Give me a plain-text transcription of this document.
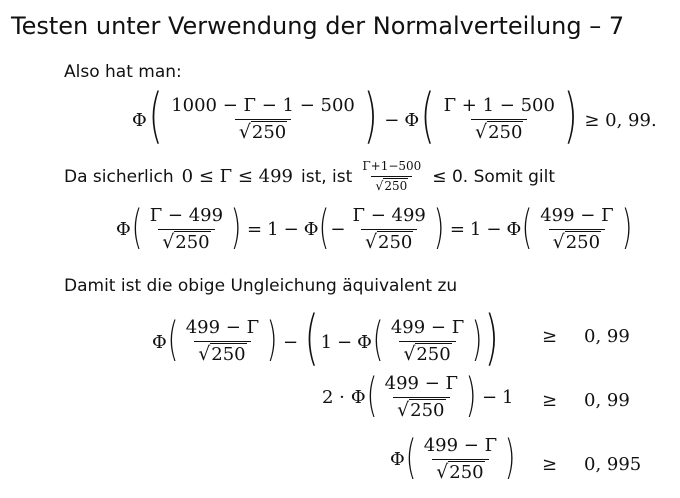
Testen unter Verwendung der Normalverteilung – 7
Also hat man:
Φ ( $\frac{1000 - \Gamma - 1 - 500}{√250}$ ) − Φ ( $\frac{\Gamma + 1 - 500}{√250}$ ) ≥ 0, 99.
Da sicherlich 0 ≤ Γ ≤ 499 ist, ist $\frac{\Gamma+1-500}{√250} \le 0$. Somit gilt
Φ ( $\frac{\Gamma - 499}{√250}$ ) = 1 − Φ ( − $\frac{\Gamma - 499}{√250}$ ) = 1 − Φ ( $\frac{499 - \Gamma}{√250}$ )
Damit ist die obige Ungleichung äquivalent zu
Φ ( $\frac{499 - \Gamma}{√250}$ ) − ( 1 − Φ ( $\frac{499 - \Gamma}{√250}$ ) ) ≥ 0, 99
2 · Φ ( $\frac{499 - \Gamma}{√250}$ ) − 1 ≥ 0, 99
Φ ( $\frac{499 - \Gamma}{√250}$ ) ≥ 0, 995
